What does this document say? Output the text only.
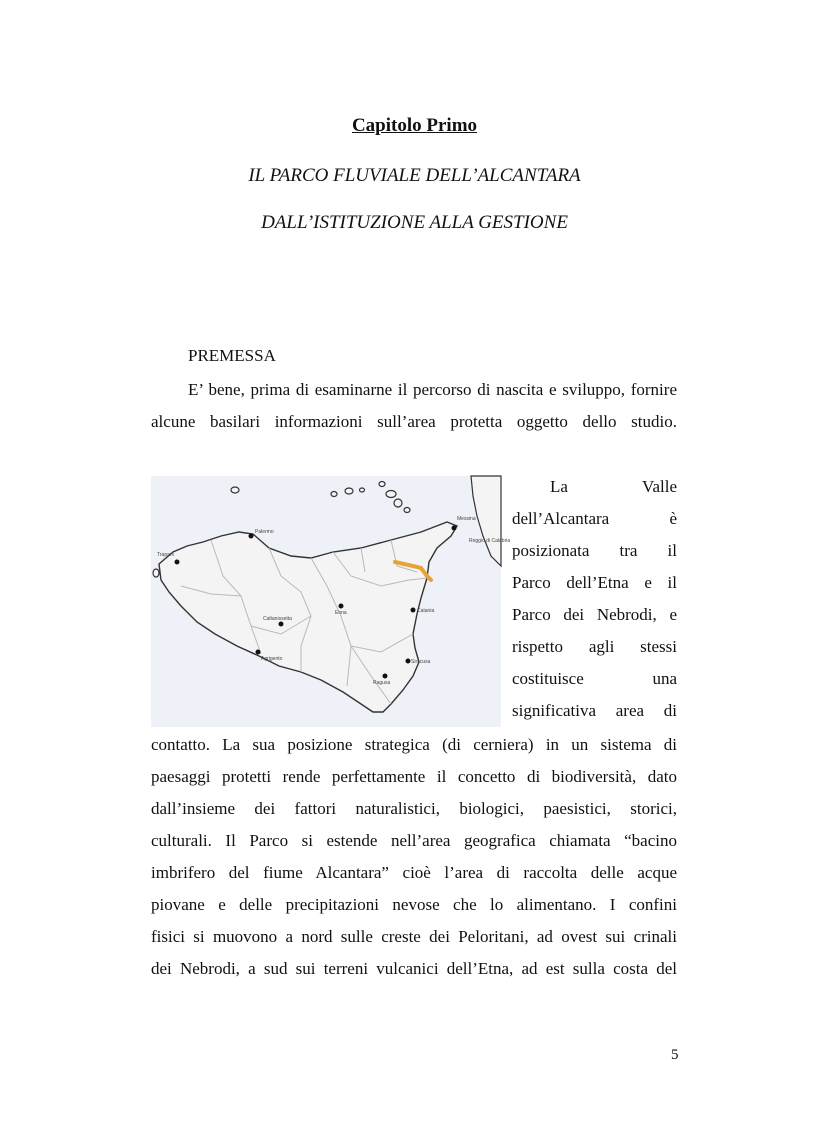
Capitolo Primo
IL PARCO FLUVIALE DELL’ALCANTARA
DALL’ISTITUZIONE ALLA GESTIONE
PREMESSA

E’ bene, prima di esaminarne il percorso di nascita e sviluppo, fornire alcune basilari informazioni sull’area protetta oggetto dello studio.

Trapani
Palermo
Messina
Reggio di Calabria
Caltanissetta
Enna
Agrigento
Catania
Siracusa
Ragusa
La Valle
dell’Alcantara è
posizionata tra il
Parco dell’Etna e il
Parco dei Nebrodi, e
rispetto agli stessi
costituisce una
significativa area di
contatto. La sua posizione strategica (di cerniera) in un sistema di
paesaggi protetti rende perfettamente il concetto di biodiversità, dato
dall’insieme dei fattori naturalistici, biologici, paesistici, storici,
culturali. Il Parco si estende nell’area geografica chiamata “bacino
imbrifero del fiume Alcantara” cioè l’area di raccolta delle acque
piovane e delle precipitazioni nevose che lo alimentano. I confini
fisici si muovono a nord sulle creste dei Peloritani, ad ovest sui crinali
dei Nebrodi, a sud sui terreni vulcanici dell’Etna, ad est sulla costa del
5
